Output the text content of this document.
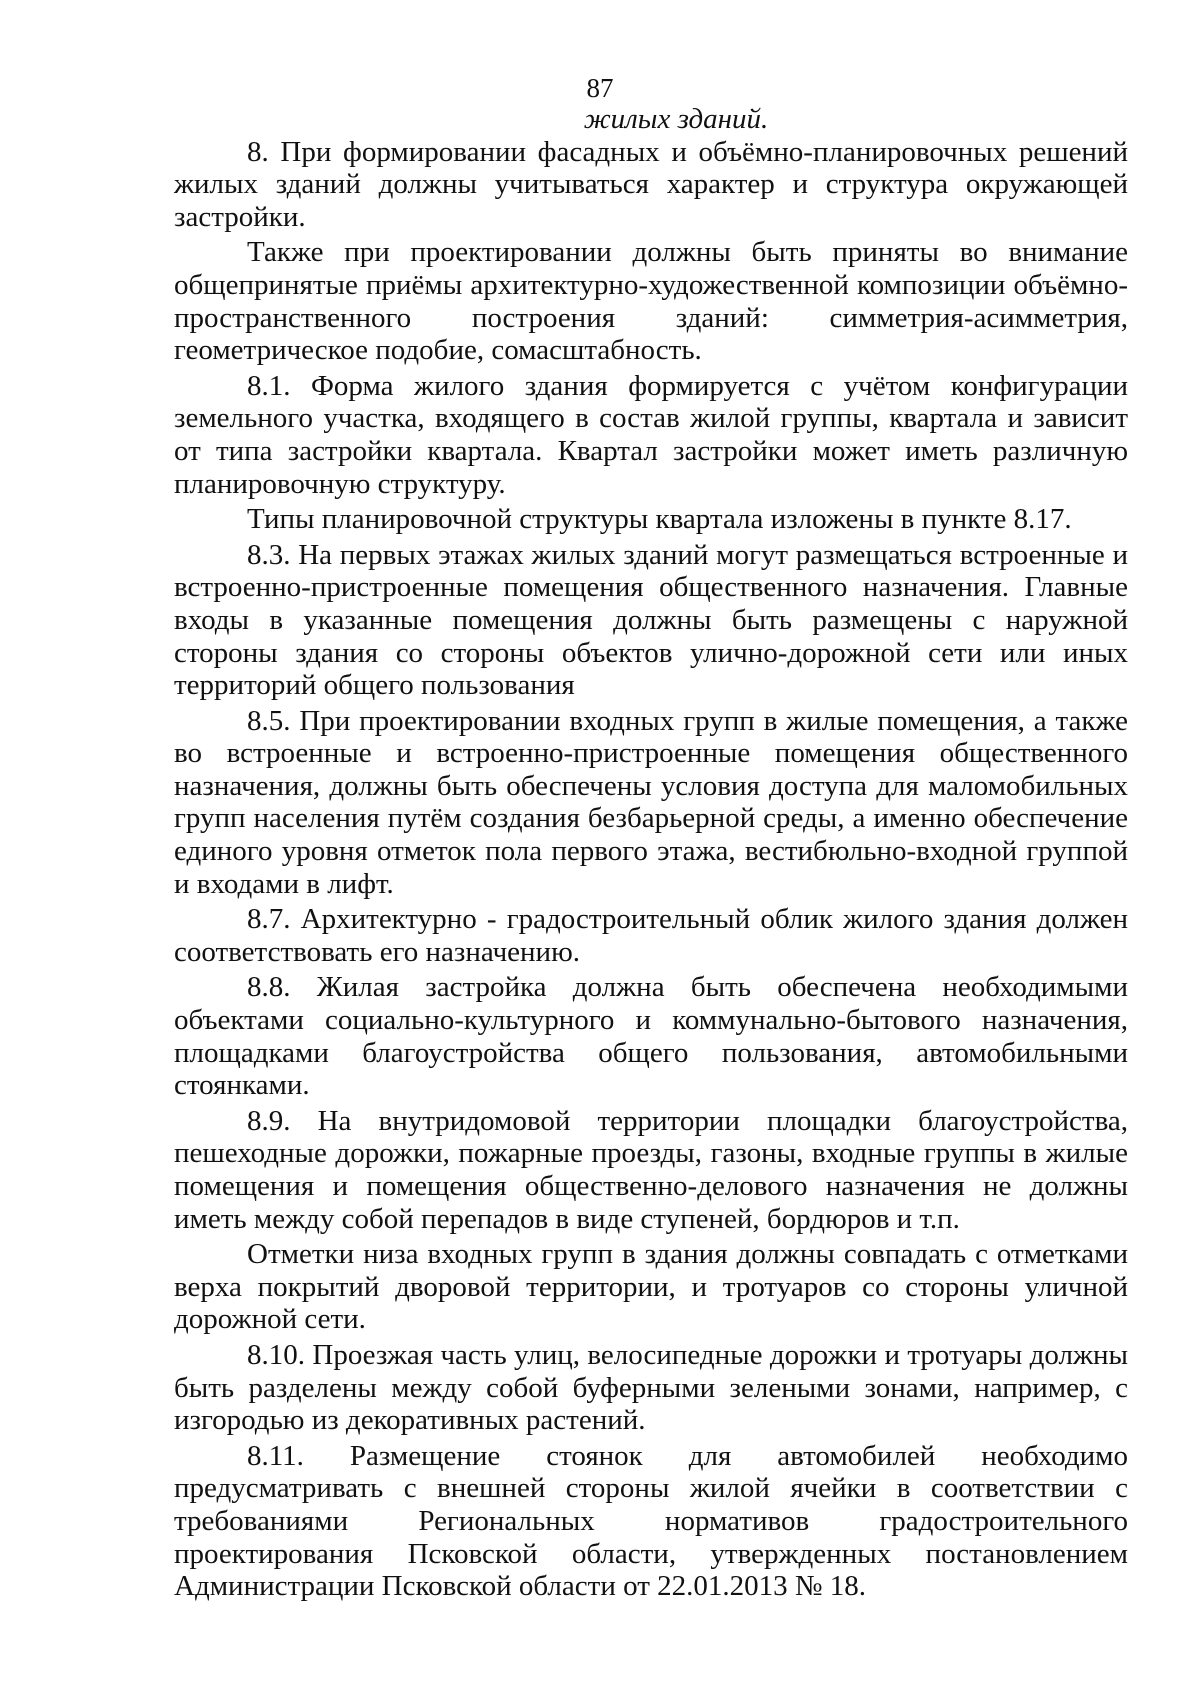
87
жилых зданий.

8. При формировании фасадных и объёмно-планировочных решений жилых зданий должны учитываться характер и структура окружающей застройки.

Также при проектировании должны быть приняты во внимание общепринятые приёмы архитектурно-художественной композиции объёмно-пространственного построения зданий: симметрия-асимметрия, геометрическое подобие, сомасштабность.

8.1. Форма жилого здания формируется с учётом конфигурации земельного участка, входящего в состав жилой группы, квартала и зависит от типа застройки квартала. Квартал застройки может иметь различную планировочную структуру.

Типы планировочной структуры квартала изложены в пункте 8.17.

8.3. На первых этажах жилых зданий могут размещаться встроенные и встроенно-пристроенные помещения общественного назначения. Главные входы в указанные помещения должны быть размещены с наружной стороны здания со стороны объектов улично-дорожной сети или иных территорий общего пользования

8.5. При проектировании входных групп в жилые помещения, а также во встроенные и встроенно-пристроенные помещения общественного назначения, должны быть обеспечены условия доступа для маломобильных групп населения путём создания безбарьерной среды, а именно обеспечение единого уровня отметок пола первого этажа, вестибюльно-входной группой и входами в лифт.

8.7. Архитектурно - градостроительный облик жилого здания должен соответствовать его назначению.

8.8. Жилая застройка должна быть обеспечена необходимыми объектами социально-культурного и коммунально-бытового назначения, площадками благоустройства общего пользования, автомобильными стоянками.

8.9. На внутридомовой территории площадки благоустройства, пешеходные дорожки, пожарные проезды, газоны, входные группы в жилые помещения и помещения общественно-делового назначения не должны иметь между собой перепадов в виде ступеней, бордюров и т.п.

Отметки низа входных групп в здания должны совпадать с отметками верха покрытий дворовой территории, и тротуаров со стороны уличной дорожной сети.

8.10. Проезжая часть улиц, велосипедные дорожки и тротуары должны быть разделены между собой буферными зелеными зонами, например, с изгородью из декоративных растений.

8.11. Размещение стоянок для автомобилей необходимо предусматривать с внешней стороны жилой ячейки в соответствии с требованиями Региональных нормативов градостроительного проектирования Псковской области, утвержденных постановлением Администрации Псковской области от 22.01.2013 № 18.
